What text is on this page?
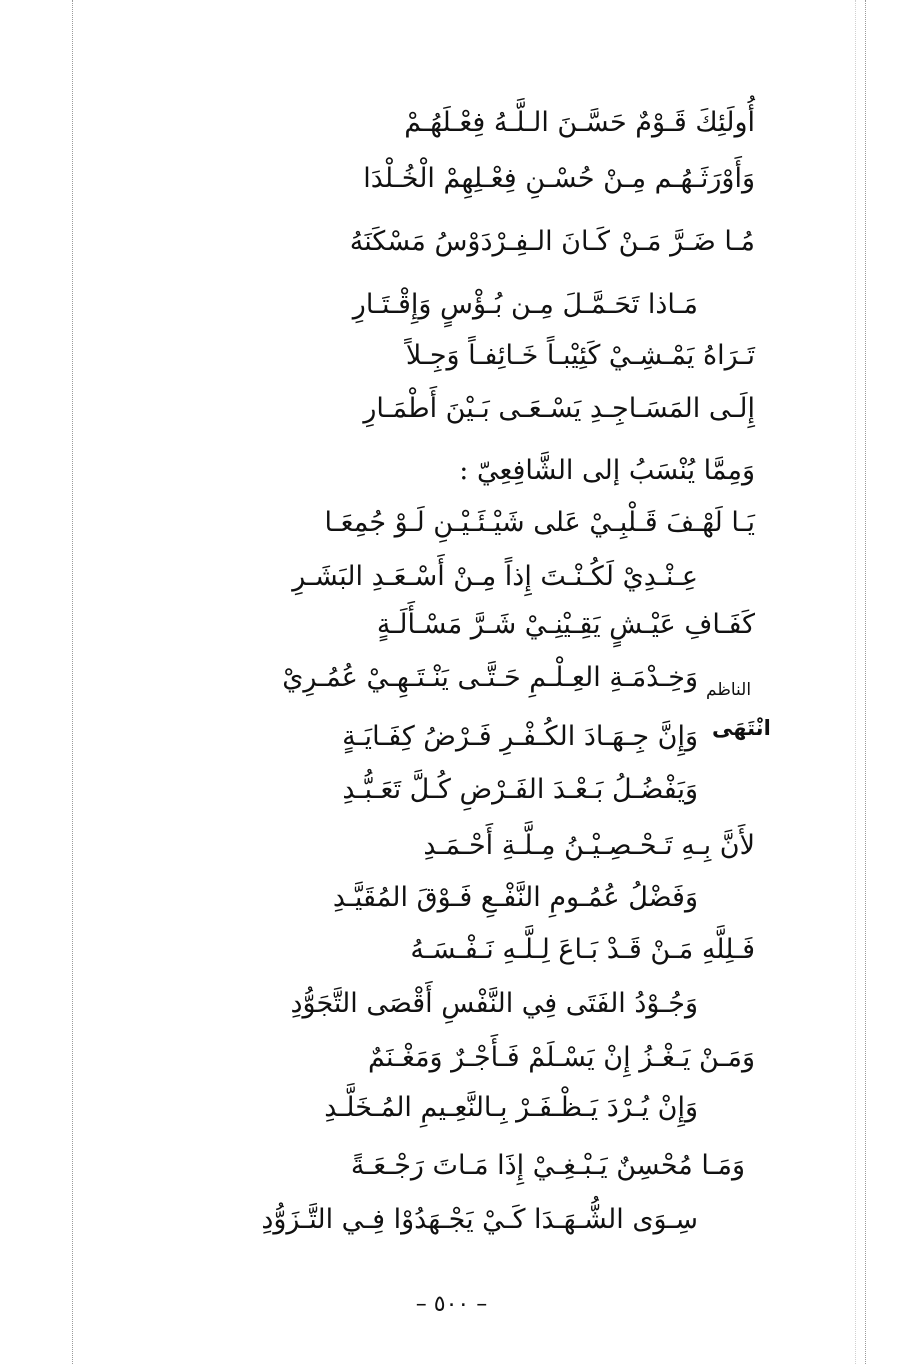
أُولَئِكَ قَـوْمٌ حَسَّـنَ الـلَّـهُ فِعْـلَهُـمْ
وَأَوْرَثَـهُـم مِـنْ حُسْـنِ فِعْـلِهِمْ الْخُـلْدَا
مُـا ضَـرَّ مَـنْ كَـانَ الـفِـرْدَوْسُ مَسْكَنَهُ
مَـاذا تَحَـمَّـلَ مِـن بُـؤْسٍ وَإِقْـتَـارِ
تَـرَاهُ يَمْـشِـيْ كَئِيْبـاً خَـائِفـاً وَجِـلاً
إِلَـى المَسَـاجِـدِ يَسْـعَـى بَـيْنَ أَطْمَـارِ
وَمِمَّا يُنْسَبُ إلى الشَّافِعِيّ :
يَـا لَهْـفَ قَـلْبِـيْ عَلى شَيْـئَـيْـنِ لَـوْ جُمِعَـا
عِـنْـدِيْ لَكُـنْـتَ إِذاً مِـنْ أَسْـعَـدِ البَشَـرِ
كَفَـافِ عَيْـشٍ يَقِـيْنِـيْ شَـرَّ مَسْـأَلَـةٍ
وَخِـدْمَـةِ العِـلْـمِ حَـتَّـى يَنْـتَـهِـيْ عُمُـرِيْ الناظم
انْتَهَى
وَإِنَّ جِـهَـادَ الكُـفْـرِ فَـرْضُ كِفَـايَـةٍ
وَيَفْضُـلُ بَـعْـدَ الفَـرْضِ كُـلَّ تَعَـبُّـدِ
لأَنَّ بِـهِ تَـحْـصِـيْـنُ مِـلَّـةِ أَحْـمَـدِ
وَفَضْلُ عُمُـومِ النَّفْـعِ فَـوْقَ المُقَيَّـدِ
فَـلِلَّهِ مَـنْ قَـدْ بَـاعَ لِـلَّـهِ نَـفْـسَـهُ
وَجُـوْدُ الفَتَى فِي النَّفْسِ أَقْصَى التَّجَوُّدِ
وَمَـنْ يَـغْـزُ إِنْ يَسْـلَمْ فَـأَجْـرٌ وَمَغْـنَمٌ
وَإِنْ يُـرْدَ يَـظْـفَـرْ بِـالنَّعِـيمِ المُـخَلَّـدِ
وَمَـا مُحْسِنٌ يَـبْـغِـيْ إِذَا مَـاتَ رَجْـعَـةً
سِـوَى الشُّـهَـدَا كَـيْ يَجْـهَدُوْا فِـي التَّـزَوُّدِ
– ٥٠٠ –
